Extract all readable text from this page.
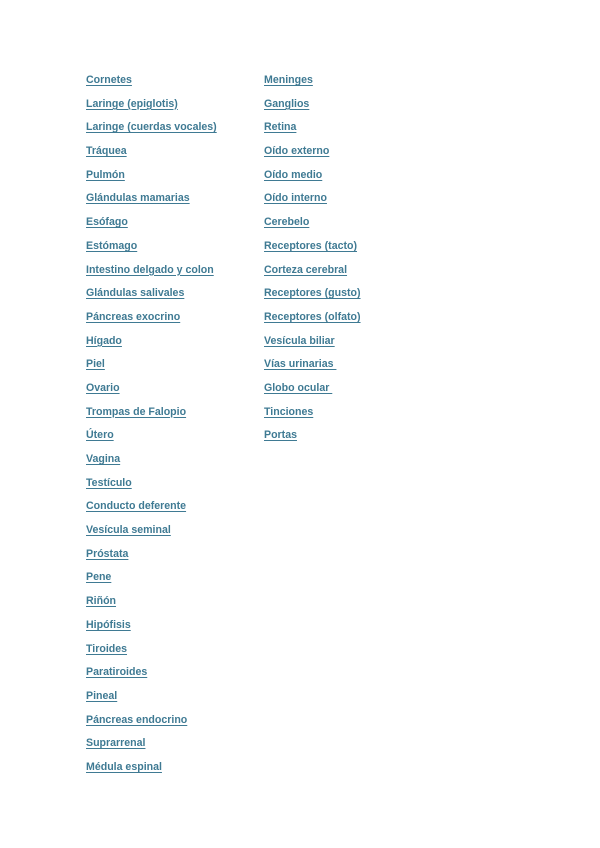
Cornetes
Laringe (epiglotis)
Laringe (cuerdas vocales)
Tráquea
Pulmón
Glándulas mamarias
Esófago
Estómago
Intestino delgado y colon
Glándulas salivales
Páncreas exocrino
Hígado
Piel
Ovario
Trompas de Falopio
Útero
Vagina
Testículo
Conducto deferente
Vesícula seminal
Próstata
Pene
Riñón
Hipófisis
Tiroides
Paratiroides
Pineal
Páncreas endocrino
Suprarrenal
Médula espinal
Meninges
Ganglios
Retina
Oído externo
Oído medio
Oído interno
Cerebelo
Receptores (tacto)
Corteza cerebral
Receptores (gusto)
Receptores (olfato)
Vesícula biliar
Vías urinarias
Globo ocular
Tinciones
Portas
